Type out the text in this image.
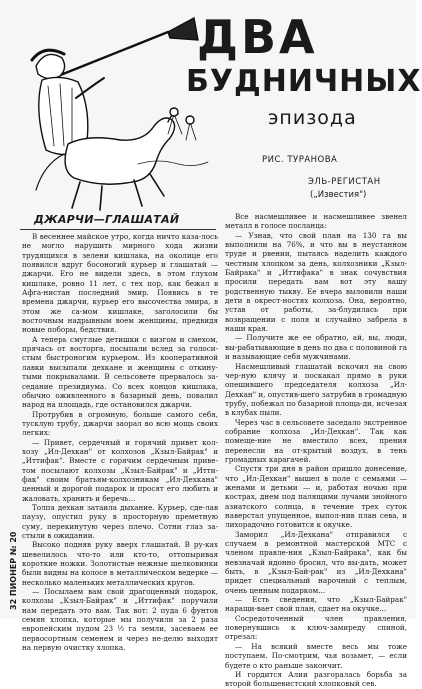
ДВА
БУДНИЧНЫХ
эпизода
РИС. ТУРАНОВА
ЭЛЬ-РЕГИСТАН
(„Известия")
ДЖАРЧИ—ГЛАШАТАЙ

В весеннее майское утро, когда ничто каза-лось не могло нарушить мирного хода жизни трудящихся в зелени кишлака, на околице его появился вдруг босоногий курьер и глашатай — джарчи. Его не видели здесь, в этом глухом кишлаке, ровно 11 лет, с тех пор, как бежал в Афга-нистан последний эмир. Появись в те времена джарчи, курьер его высочества эмира, в этом же са-мом кишлаке, заголосили бы восточным надрывным воем женщины, предвидя новые поборы, бедствия.

А теперь смуглые детишки с визгом и смехом, прячась от восторга, посыпали вслед за голоси-стым быстроногим курьером. Из кооперативной лавки высыпали дехкане и женщины с откину-тыми покрывалами. В сельсовете прервалось за-седание президиума. Со всех концов кишлака, обычно оживленного в базарный день, повалил народ на площадь, где остановился джарчи.

Протрубив в огромную, больше самого себя, тусклую трубу, джарчи заорал во всю мощь своих легких:

— Привет, сердечный и горячий привет кол-хозу „Ил-Дехкан" от колхозов „Кзыл-Байрак" и „Иттифак". Вместе с горячим сердечным приве-том посылают колхозы „Кзыл-Байрак" и „Итти-фак" своим братьям-колхозникам „Ил-Дехкана" ценный и дорогой подарок и просят его любить и жаловать, хранить и беречь...

Толпа дехкан затаила дыхание. Курьер, сде-лав паузу, опустил руку в пpосторную пpеметную суму, перекинутую через плечо. Сотни глаз за-стыли в ожидании.

Высоко подняв руку вверх глашатай. В ру-ках шевелилось что-то или кто-то, оттопыривая короткие ножки. Золотистые нежные шелковинки были видны на колосе в металлическом ведерке — несколько маленьких металлических кругов.

— Посылаем вам свой драгоценный подарок, колхозы „Кзыл-Байрак" и „Иттифак" поручили нам передать это вам. Так вот: 2 пуда 6 фунтов семян хлопка, которые мы получили за 2 раза европейским пудом 23 ½ га земли, засеваем ее первосортным семенем и через не-делю выходят на первую очистку хлопка.

Все насмешливее и насмешливее звенел металл в голосе посланца:

— Узнав, что свой план на 130 га вы выполнили на 76%, и что вы в неустанном труде и рвении, пытаясь наделить каждого честным хлопком за день, колхозники „Кзыл-Байрака" и „Иттифака" в знак сочувствия просили передать вам вот эту вашу родственную тыкву. Ее вчера выловили наши дети в окрест-ностях колхоза. Она, вероятно, устав от работы, за-блудилась при возвращении с поля и случайно забрела в наши края.

— Получите же ее обратно, ай, вы, люди, вы-рабатывающие в день по два с половиной га и называющие себя мужчинами.

Насмешливый глашатай вскочил на свою чер-ную клячу и поскакал прямо в руки опешившего председателя колхоза „Ил-Дехкан" и, опустив-шего затрубив в громадную трубу, побежал по базарной площа-ди, исчезая в клубах пыли.

Через час в сельсовете заседало экстренное собрание колхоза „Ил-Дехкан". Так как помеще-ние не вместило всех, прения перенесли на от-крытый воздух, в тень громадных карагачей.

Спустя три дня в район пришло донесение, что „Ил-Дехкан" вышел в поле с семьями — женами и детьми — и, работая ночью при кострах, днем под палящими лучами знойного азиатского солнца, в течение трех суток наверстал упущенное, выпол-нив план сева, и лихорадочно готовится к окучке.

Заморил „Ил-Дехкана" отправился с случаем в ремонтной мастерской МТС с членом правле-ния „Кзыл-Байрака", как бы невзначай идонно бросил, что вы-дать, может быть, в „Кзыл-Бай-рак" из „Ил-Дехкана" придет специальный нарочный с теплым, очень ценным подарком...

— Есть сведения, что „Кзыл-Байрак" наращи-вает свой план, сдает на окучке...

Сосредоточенный член правления, повернувшись к ключ-замиреду спиной, отрезал:

— На всякий вместе весь мы тоже поступаем. По-смотрим, чья возьмет, — если будете о кто раньше закончит.

И гордится Алии разгоралась борьба за второй большевистский хлопковый сев.

32 ПИОНЕР № 20
